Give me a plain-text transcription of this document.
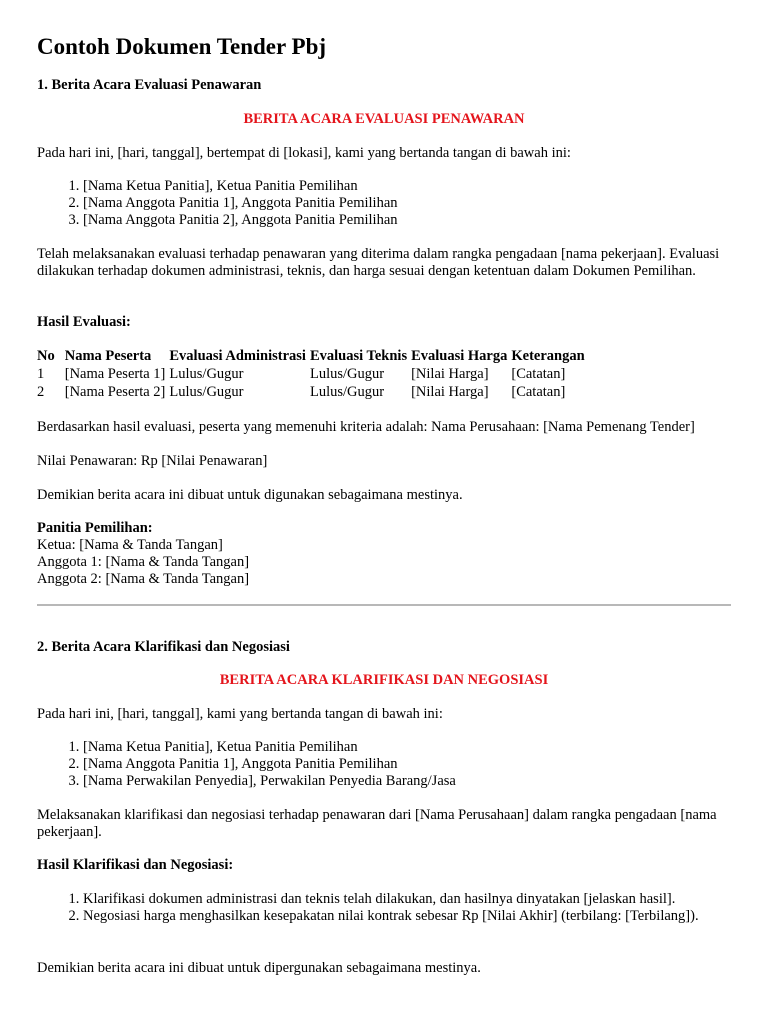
Contoh Dokumen Tender Pbj

1. Berita Acara Evaluasi Penawaran

BERITA ACARA EVALUASI PENAWARAN

Pada hari ini, [hari, tanggal], bertempat di [lokasi], kami yang bertanda tangan di bawah ini:

1. [Nama Ketua Panitia], Ketua Panitia Pemilihan
2. [Nama Anggota Panitia 1], Anggota Panitia Pemilihan
3. [Nama Anggota Panitia 2], Anggota Panitia Pemilihan

Telah melaksanakan evaluasi terhadap penawaran yang diterima dalam rangka pengadaan [nama pekerjaan]. Evaluasi dilakukan terhadap dokumen administrasi, teknis, dan harga sesuai dengan ketentuan dalam Dokumen Pemilihan.

Hasil Evaluasi:

No	Nama Peserta	Evaluasi Administrasi	Evaluasi Teknis	Evaluasi Harga	Keterangan
1	[Nama Peserta 1]	Lulus/Gugur	Lulus/Gugur	[Nilai Harga]	[Catatan]
2	[Nama Peserta 2]	Lulus/Gugur	Lulus/Gugur	[Nilai Harga]	[Catatan]

Berdasarkan hasil evaluasi, peserta yang memenuhi kriteria adalah: Nama Perusahaan: [Nama Pemenang Tender]

Nilai Penawaran: Rp [Nilai Penawaran]

Demikian berita acara ini dibuat untuk digunakan sebagaimana mestinya.

Panitia Pemilihan:

Ketua: [Nama & Tanda Tangan]
Anggota 1: [Nama & Tanda Tangan]
Anggota 2: [Nama & Tanda Tangan]

2. Berita Acara Klarifikasi dan Negosiasi

BERITA ACARA KLARIFIKASI DAN NEGOSIASI

Pada hari ini, [hari, tanggal], kami yang bertanda tangan di bawah ini:

1. [Nama Ketua Panitia], Ketua Panitia Pemilihan
2. [Nama Anggota Panitia 1], Anggota Panitia Pemilihan
3. [Nama Perwakilan Penyedia], Perwakilan Penyedia Barang/Jasa

Melaksanakan klarifikasi dan negosiasi terhadap penawaran dari [Nama Perusahaan] dalam rangka pengadaan [nama pekerjaan].

Hasil Klarifikasi dan Negosiasi:

1. Klarifikasi dokumen administrasi dan teknis telah dilakukan, dan hasilnya dinyatakan [jelaskan hasil].
2. Negosiasi harga menghasilkan kesepakatan nilai kontrak sebesar Rp [Nilai Akhir] (terbilang: [Terbilang]).

Demikian berita acara ini dibuat untuk dipergunakan sebagaimana mestinya.
